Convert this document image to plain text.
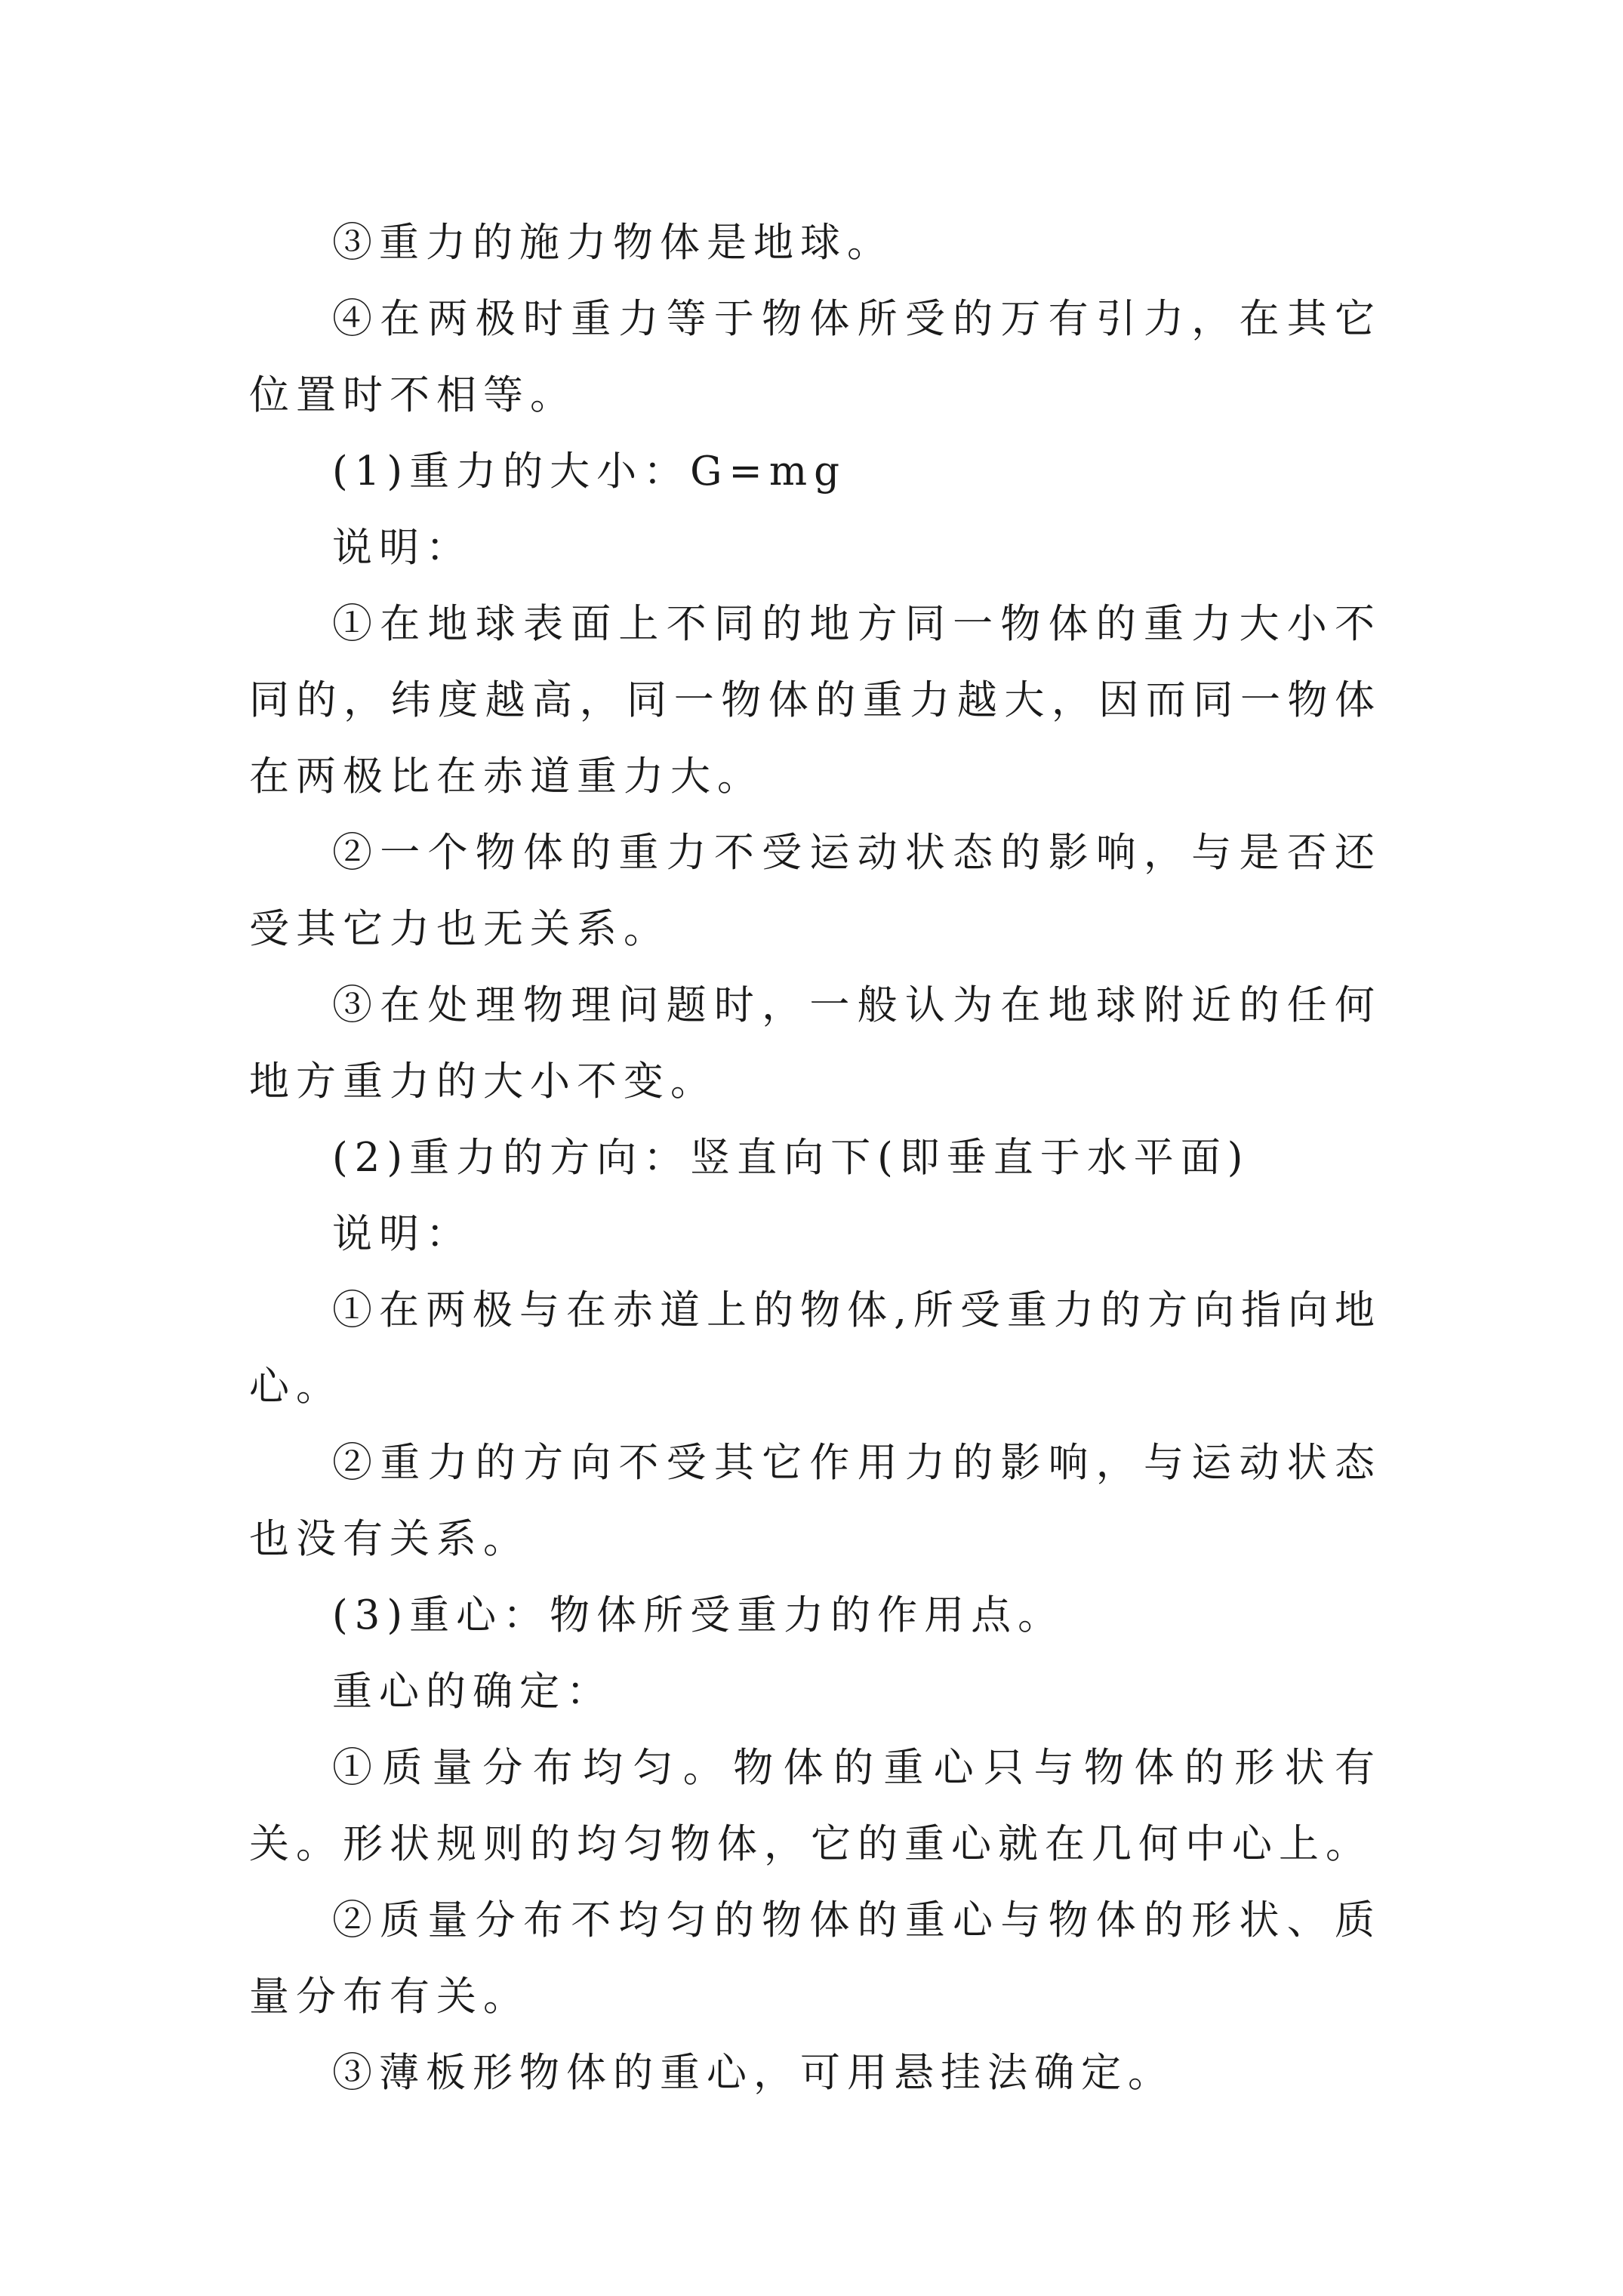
③重力的施力物体是地球。

④在两极时重力等于物体所受的万有引力，在其它位置时不相等。

(1)重力的大小：G=mg

说明：

①在地球表面上不同的地方同一物体的重力大小不同的，纬度越高，同一物体的重力越大，因而同一物体在两极比在赤道重力大。

②一个物体的重力不受运动状态的影响，与是否还受其它力也无关系。

③在处理物理问题时，一般认为在地球附近的任何地方重力的大小不变。

(2)重力的方向：竖直向下(即垂直于水平面)

说明：

①在两极与在赤道上的物体,所受重力的方向指向地心。

②重力的方向不受其它作用力的影响，与运动状态也没有关系。

(3)重心：物体所受重力的作用点。

重心的确定：

①质量分布均匀。物体的重心只与物体的形状有关。形状规则的均匀物体，它的重心就在几何中心上。

②质量分布不均匀的物体的重心与物体的形状、质量分布有关。

③薄板形物体的重心，可用悬挂法确定。
